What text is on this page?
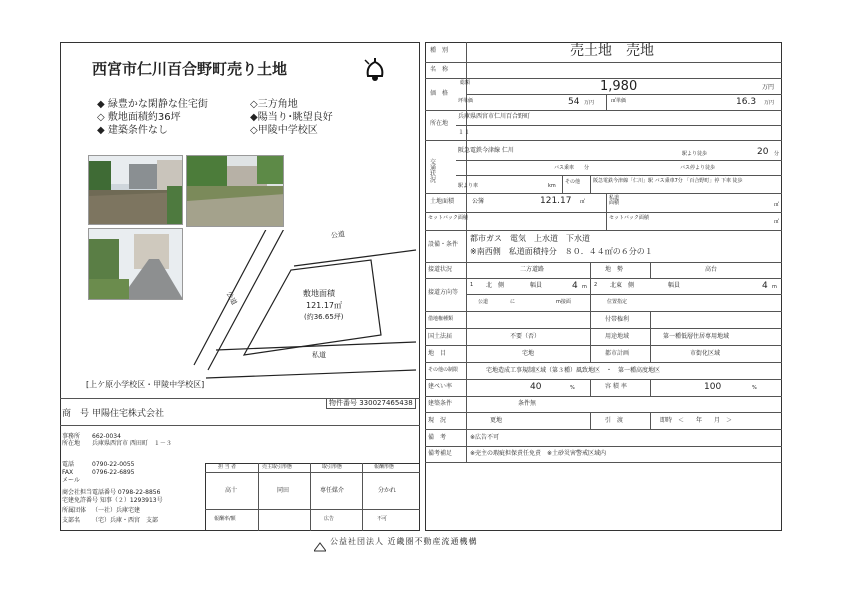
西宮市仁川百合野町売り土地
◆ 緑豊かな閑静な住宅街
◇ 敷地面積約36坪
◆ 建築条件なし
◇三方角地
◆陽当り･眺望良好
◇甲陵中学校区
公道
公道
私道
敷地面積
121.17㎡
(約36.65坪)
[上ケ原小学校区・甲陵中学校区]
物件番号 330027465438
商　号 甲陽住宅株式会社
事務所 662-0034
所在地 兵庫県西宮市 西田町　１－３
電話	0790-22-0055
FAX	0796-22-6895
メール
商会社担当電話番号 0798-22-8856
宅建免許番号 知事（２）1293913号
所属団体 （一社）兵庫宅建
支部名 （宅）兵庫・西宮　支部
担 当 者	売主取引形態	取引形態	報酬形態
高十	同田	専任媒介	分かれ
報酬率/額	広告	不可
種　別	売土地　売地
名　称
価　格
総額	1,980	万円
坪単価	54 万円	㎡単価	16.3 万円
所在地
兵庫県西宮市仁川百合野町
１１
交通状況
阪急電鉄今津線 仁川	駅より徒歩	20 分
バス乗車　　分	バス停より徒歩
駅より車	km
その他	阪急電鉄今津線「仁川」駅 バス乗車7分 「百合野町」停 下車 徒歩
土地面積	公簿	121.17 ㎡
私道面積	㎡
セットバック面積	セットバック面積
㎡
設備・条件
都市ガス　電気　上水道　下水道
※南西側　私道面積持分　８０．４４㎡の６分の１
接道状況	二方道路	地　勢	高台
接道方向等
1 北　側	幅員	4 m 2 北東　側	幅員	4 m
公道	に	m接面	位置指定
借地権種類	付帯権利
国土法届	不要（否）	用途地域	第一種低層住居専用地域
地　目	宅地	都市計画	市街化区域
その他の制限	宅地造成工事規制区域（第３種）風致地区　・　第一種高度地区
建ぺい率	40	%	容 積 率	100	%
建築条件	条件無
現　況	更地	引　渡	即時　＜　　年　　月　＞
備　考	※広告不可
備考補足	※売主の瑕疵担保責任免責　※土砂災害警戒区域内
公益社団法人 近畿圏不動産流通機構
